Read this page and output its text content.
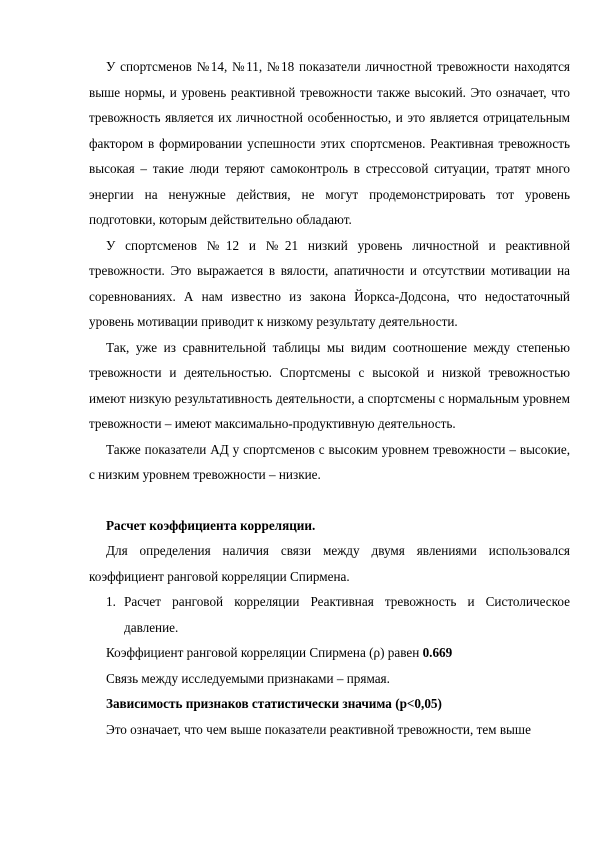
У спортсменов №14, №11, №18 показатели личностной тревожности находятся выше нормы, и уровень реактивной тревожности также высокий. Это означает, что тревожность является их личностной особенностью, и это является отрицательным фактором в формировании успешности этих спортсменов. Реактивная тревожность высокая – такие люди теряют самоконтроль в стрессовой ситуации, тратят много энергии на ненужные действия, не могут продемонстрировать тот уровень подготовки, которым действительно обладают.

У спортсменов №12 и №21 низкий уровень личностной и реактивной тревожности. Это выражается в вялости, апатичности и отсутствии мотивации на соревнованиях. А нам известно из закона Йоркса-Додсона, что недостаточный уровень мотивации приводит к низкому результату деятельности.

Так, уже из сравнительной таблицы мы видим соотношение между степенью тревожности и деятельностью. Спортсмены с высокой и низкой тревожностью имеют низкую результативность деятельности, а спортсмены с нормальным уровнем тревожности – имеют максимально-продуктивную деятельность.

Также показатели АД у спортсменов с высоким уровнем тревожности – высокие, с низким уровнем тревожности – низкие.

Расчет коэффициента корреляции.

Для определения наличия связи между двумя явлениями использовался коэффициент ранговой корреляции Спирмена.

1. Расчет ранговой корреляции Реактивная тревожность и Систолическое давление.

Коэффициент ранговой корреляции Спирмена (ρ) равен 0.669

Связь между исследуемыми признаками – прямая.

Зависимость признаков статистически значима (p<0,05)

Это означает, что чем выше показатели реактивной тревожности, тем выше
